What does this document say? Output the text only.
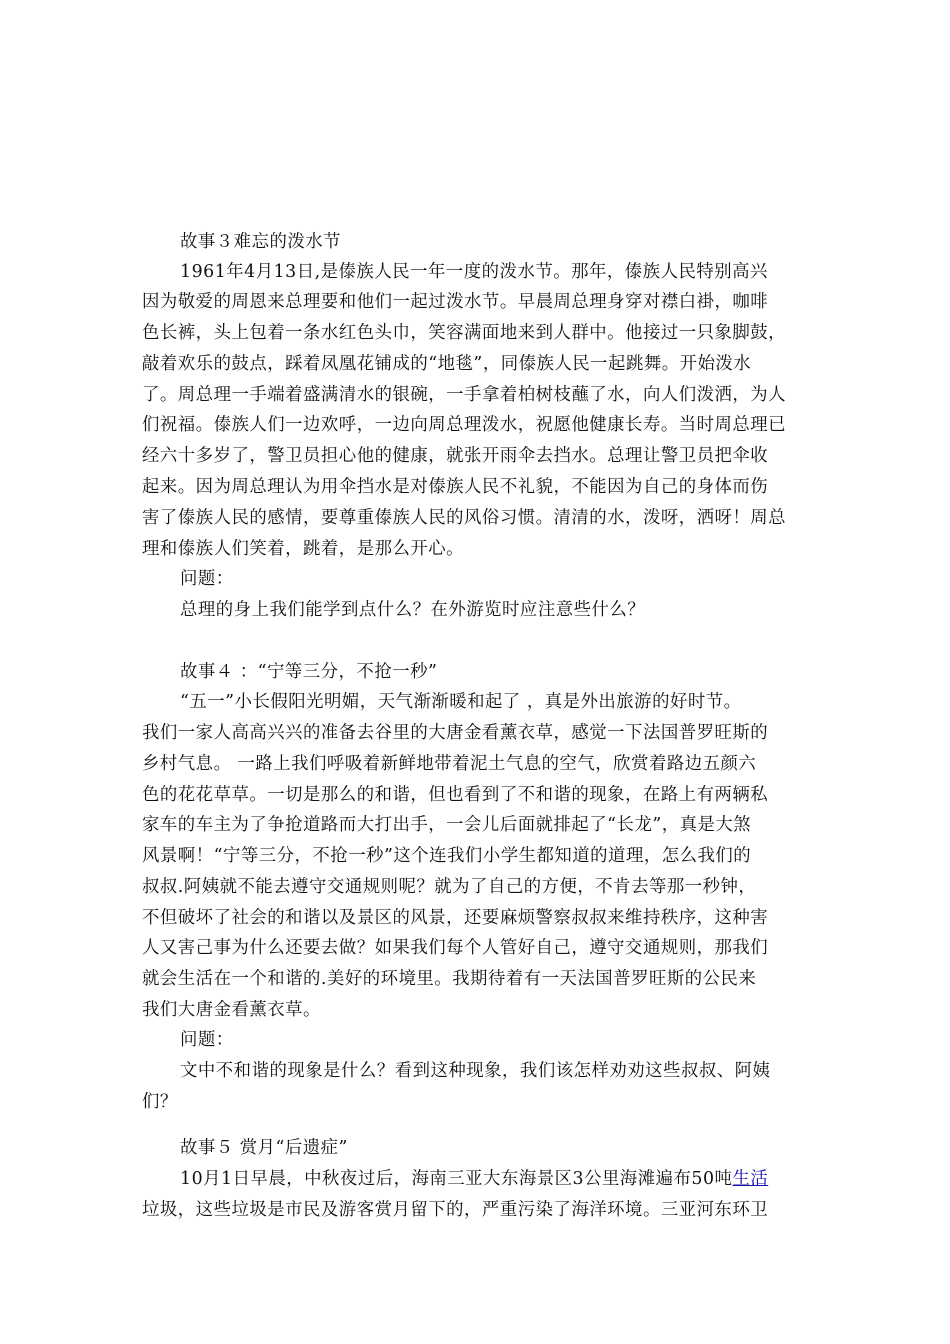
故事３难忘的泼水节
1961年4月13日,是傣族人民一年一度的泼水节。那年，傣族人民特别高兴
因为敬爱的周恩来总理要和他们一起过泼水节。早晨周总理身穿对襟白褂，咖啡
色长裤，头上包着一条水红色头巾，笑容满面地来到人群中。他接过一只象脚鼓，
敲着欢乐的鼓点，踩着凤凰花铺成的“地毯”，同傣族人民一起跳舞。开始泼水
了。周总理一手端着盛满清水的银碗，一手拿着柏树枝蘸了水，向人们泼洒，为人
们祝福。傣族人们一边欢呼，一边向周总理泼水，祝愿他健康长寿。当时周总理已
经六十多岁了，警卫员担心他的健康，就张开雨伞去挡水。总理让警卫员把伞收
起来。因为周总理认为用伞挡水是对傣族人民不礼貌，不能因为自己的身体而伤
害了傣族人民的感情，要尊重傣族人民的风俗习惯。清清的水，泼呀，洒呀！周总
理和傣族人们笑着，跳着，是那么开心。
问题：
总理的身上我们能学到点什么？在外游览时应注意些什么？
故事４ ：“宁等三分，不抢一秒”
“五一”小长假阳光明媚，天气渐渐暖和起了 ，真是外出旅游的好时节。
我们一家人高高兴兴的准备去谷里的大唐金看薰衣草，感觉一下法国普罗旺斯的
乡村气息。 一路上我们呼吸着新鲜地带着泥土气息的空气，欣赏着路边五颜六
色的花花草草。一切是那么的和谐，但也看到了不和谐的现象，在路上有两辆私
家车的车主为了争抢道路而大打出手，一会儿后面就排起了“长龙”，真是大煞
风景啊！“宁等三分，不抢一秒”这个连我们小学生都知道的道理，怎么我们的
叔叔.阿姨就不能去遵守交通规则呢？就为了自己的方便，不肯去等那一秒钟，
不但破坏了社会的和谐以及景区的风景，还要麻烦警察叔叔来维持秩序，这种害
人又害己事为什么还要去做？如果我们每个人管好自己，遵守交通规则，那我们
就会生活在一个和谐的.美好的环境里。我期待着有一天法国普罗旺斯的公民来
我们大唐金看薰衣草。
问题：
文中不和谐的现象是什么？看到这种现象，我们该怎样劝劝这些叔叔、阿姨
们？
故事５ 赏月“后遗症”
10月1日早晨，中秋夜过后，海南三亚大东海景区3公里海滩遍布50吨生活
垃圾，这些垃圾是市民及游客赏月留下的，严重污染了海洋环境。三亚河东环卫
